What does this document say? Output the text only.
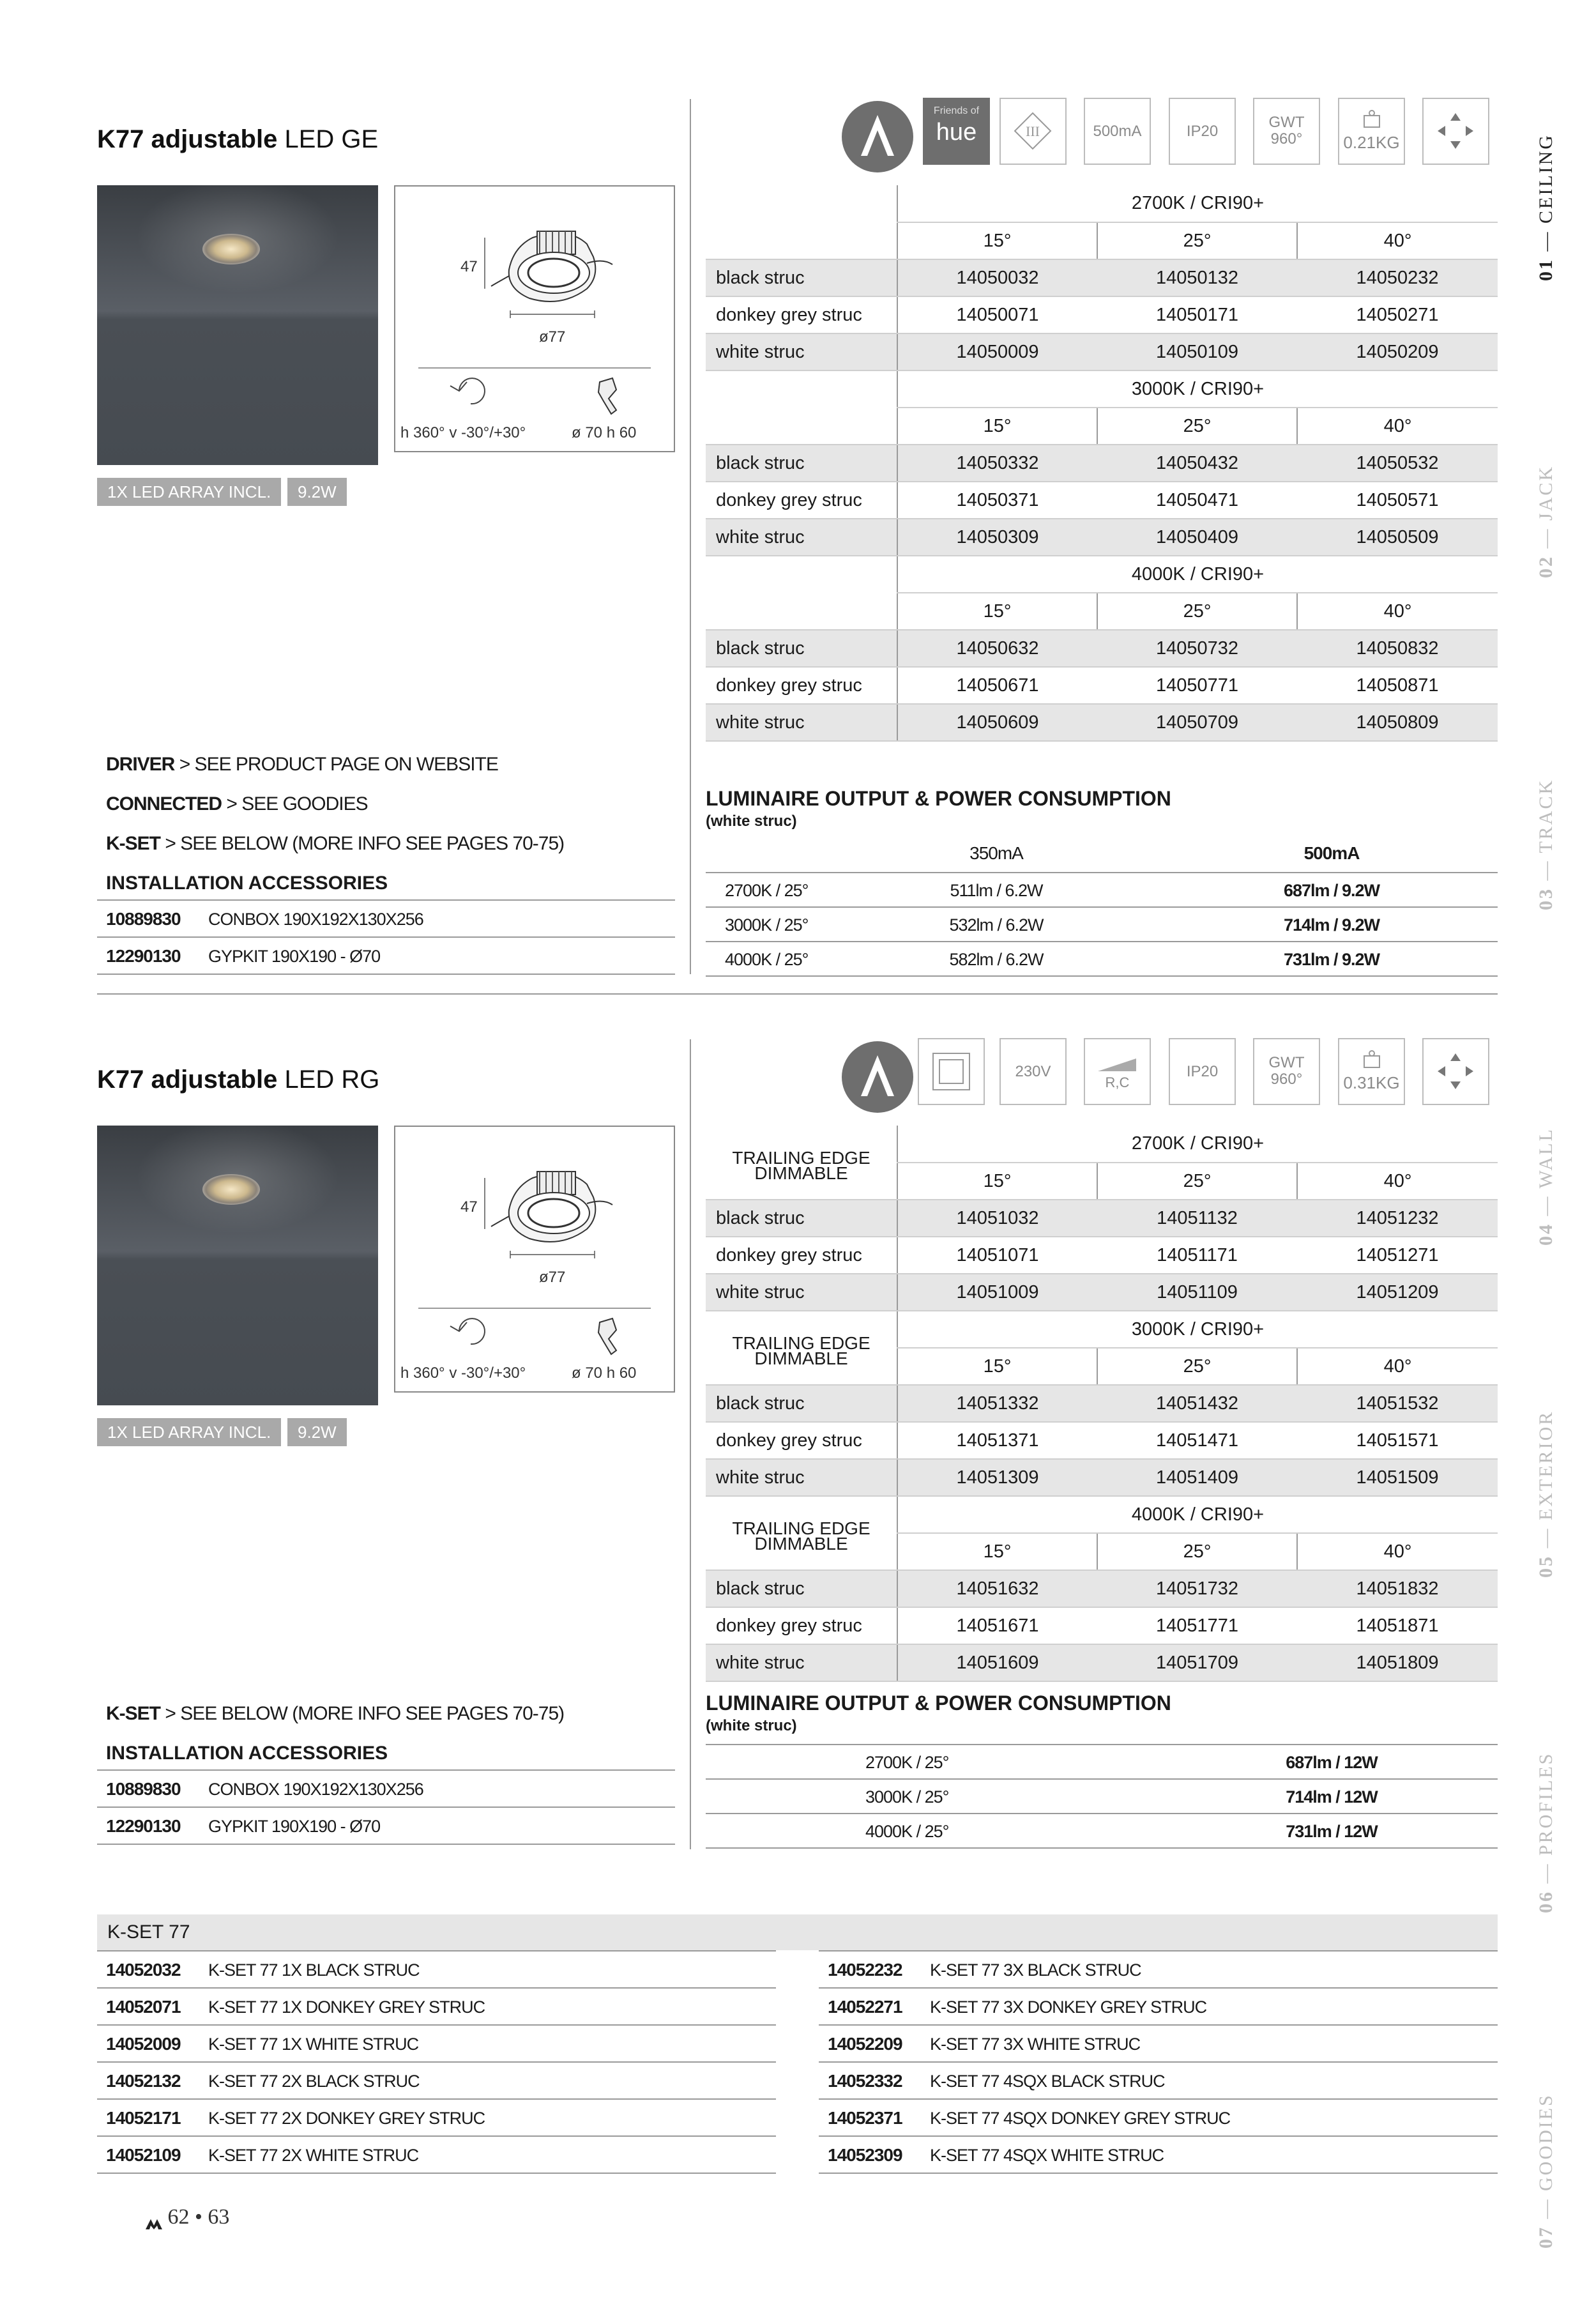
01 — CEILING
02 — JACK
03 — TRACK
04 — WALL
05 — EXTERIOR
06 — PROFILES
07 — GOODIES
K77 adjustable LED GE
Friends of
hue	III	500mA	IP20
GWT
960°	0.21KG
47
ø77
h 360° v -30°/+30°	ø 70 h 60
1X LED ARRAY INCL.	9.2W
	2700K / CRI90+		
	15°	25°	40°
black struc	14050032	14050132	14050232
donkey grey struc	14050071	14050171	14050271
white struc	14050009	14050109	14050209
	3000K / CRI90+		
	15°	25°	40°
black struc	14050332	14050432	14050532
donkey grey struc	14050371	14050471	14050571
white struc	14050309	14050409	14050509
	4000K / CRI90+		
	15°	25°	40°
black struc	14050632	14050732	14050832
donkey grey struc	14050671	14050771	14050871
white struc	14050609	14050709	14050809
DRIVER > SEE PRODUCT PAGE ON WEBSITE
CONNECTED > SEE GOODIES
K-SET > SEE BELOW (MORE INFO SEE PAGES 70-75)
INSTALLATION ACCESSORIES
10889830 CONBOX 190X192X130X256
12290130 GYPKIT 190X190 - Ø70
LUMINAIRE OUTPUT & POWER CONSUMPTION
(white struc)
350mA	500mA
2700K / 25°	511lm / 6.2W	687lm / 9.2W
3000K / 25°	532lm / 6.2W	714lm / 9.2W
4000K / 25°	582lm / 6.2W	731lm / 9.2W
K77 adjustable LED RG	230V
R,C
IP20
GWT
960°	0.31KG
47
ø77
h 360° v -30°/+30°	ø 70 h 60
1X LED ARRAY INCL.	9.2W
TRAILING EDGE
DIMMABLE	2700K / CRI90+		
	15°	25°	40°
black struc	14051032	14051132	14051232
donkey grey struc	14051071	14051171	14051271
white struc	14051009	14051109	14051209

TRAILING EDGE
DIMMABLE	3000K / CRI90+		
	15°	25°	40°
black struc	14051332	14051432	14051532
donkey grey struc	14051371	14051471	14051571
white struc	14051309	14051409	14051509

TRAILING EDGE
DIMMABLE	4000K / CRI90+		
	15°	25°	40°
black struc	14051632	14051732	14051832
donkey grey struc	14051671	14051771	14051871
white struc	14051609	14051709	14051809
K-SET > SEE BELOW (MORE INFO SEE PAGES 70-75)
INSTALLATION ACCESSORIES
10889830 CONBOX 190X192X130X256
12290130 GYPKIT 190X190 - Ø70
LUMINAIRE OUTPUT & POWER CONSUMPTION
(white struc)
2700K / 25°	687lm / 12W
3000K / 25°	714lm / 12W
4000K / 25°	731lm / 12W
K-SET 77
14052032 K-SET 77 1X BLACK STRUC
14052071 K-SET 77 1X DONKEY GREY STRUC
14052009 K-SET 77 1X WHITE STRUC
14052132 K-SET 77 2X BLACK STRUC
14052171 K-SET 77 2X DONKEY GREY STRUC
14052109 K-SET 77 2X WHITE STRUC
14052232 K-SET 77 3X BLACK STRUC
14052271 K-SET 77 3X DONKEY GREY STRUC
14052209 K-SET 77 3X WHITE STRUC
14052332 K-SET 77 4SQX BLACK STRUC
14052371 K-SET 77 4SQX DONKEY GREY STRUC
14052309 K-SET 77 4SQX WHITE STRUC
62 • 63
